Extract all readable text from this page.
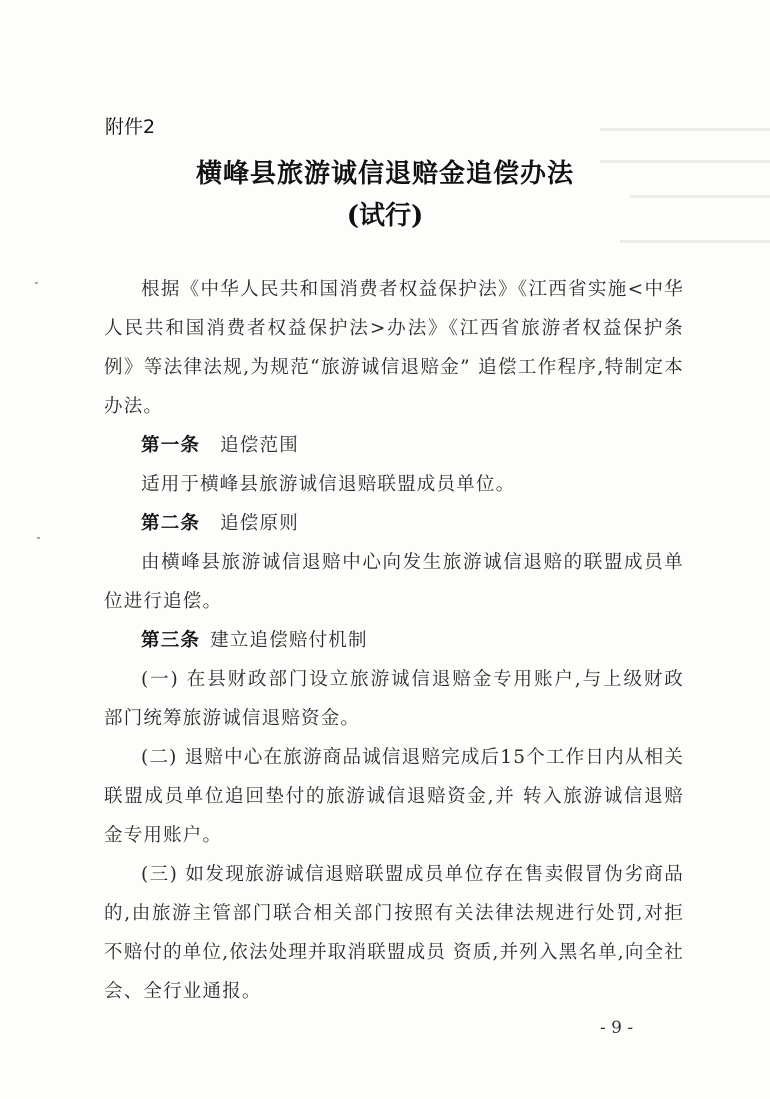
附件2
横峰县旅游诚信退赔金追偿办法
(试行)

根据《中华人民共和国消费者权益保护法》《江西省实施<中华人民共和国消费者权益保护法>办法》《江西省旅游者权益保护条例》等法律法规,为规范“旅游诚信退赔金” 追偿工作程序,特制定本办法。

第一条 追偿范围

适用于横峰县旅游诚信退赔联盟成员单位。

第二条 追偿原则

由横峰县旅游诚信退赔中心向发生旅游诚信退赔的联盟成员单位进行追偿。

第三条 建立追偿赔付机制

(一) 在县财政部门设立旅游诚信退赔金专用账户,与上级财政部门统筹旅游诚信退赔资金。

(二) 退赔中心在旅游商品诚信退赔完成后15个工作日内从相关联盟成员单位追回垫付的旅游诚信退赔资金,并 转入旅游诚信退赔金专用账户。

(三) 如发现旅游诚信退赔联盟成员单位存在售卖假冒伪劣商品的,由旅游主管部门联合相关部门按照有关法律法规进行处罚,对拒不赔付的单位,依法处理并取消联盟成员 资质,并列入黑名单,向全社会、全行业通报。

- 9 -
